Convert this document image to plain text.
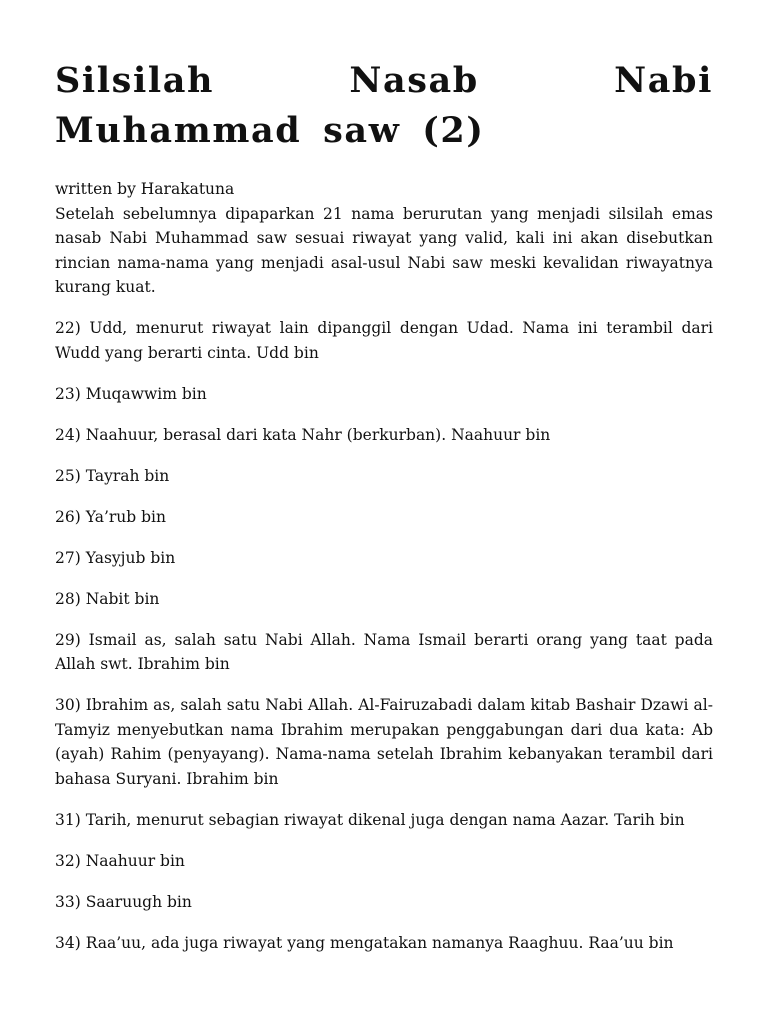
Silsilah Nasab Nabi Muhammad saw (2)

written by Harakatuna

Setelah sebelumnya dipaparkan 21 nama berurutan yang menjadi silsilah emas nasab Nabi Muhammad saw sesuai riwayat yang valid, kali ini akan disebutkan rincian nama-nama yang menjadi asal-usul Nabi saw meski kevalidan riwayatnya kurang kuat.

22) Udd, menurut riwayat lain dipanggil dengan Udad. Nama ini terambil dari Wudd yang berarti cinta. Udd bin

23) Muqawwim bin

24) Naahuur, berasal dari kata Nahr (berkurban). Naahuur bin

25) Tayrah bin

26) Ya’rub bin

27) Yasyjub bin

28) Nabit bin

29) Ismail as, salah satu Nabi Allah. Nama Ismail berarti orang yang taat pada Allah swt. Ibrahim bin

30) Ibrahim as, salah satu Nabi Allah. Al-Fairuzabadi dalam kitab Bashair Dzawi al-Tamyiz menyebutkan nama Ibrahim merupakan penggabungan dari dua kata: Ab (ayah) Rahim (penyayang). Nama-nama setelah Ibrahim kebanyakan terambil dari bahasa Suryani. Ibrahim bin

31) Tarih, menurut sebagian riwayat dikenal juga dengan nama Aazar. Tarih bin

32) Naahuur bin

33) Saaruugh bin

34) Raa’uu, ada juga riwayat yang mengatakan namanya Raaghuu. Raa’uu bin
